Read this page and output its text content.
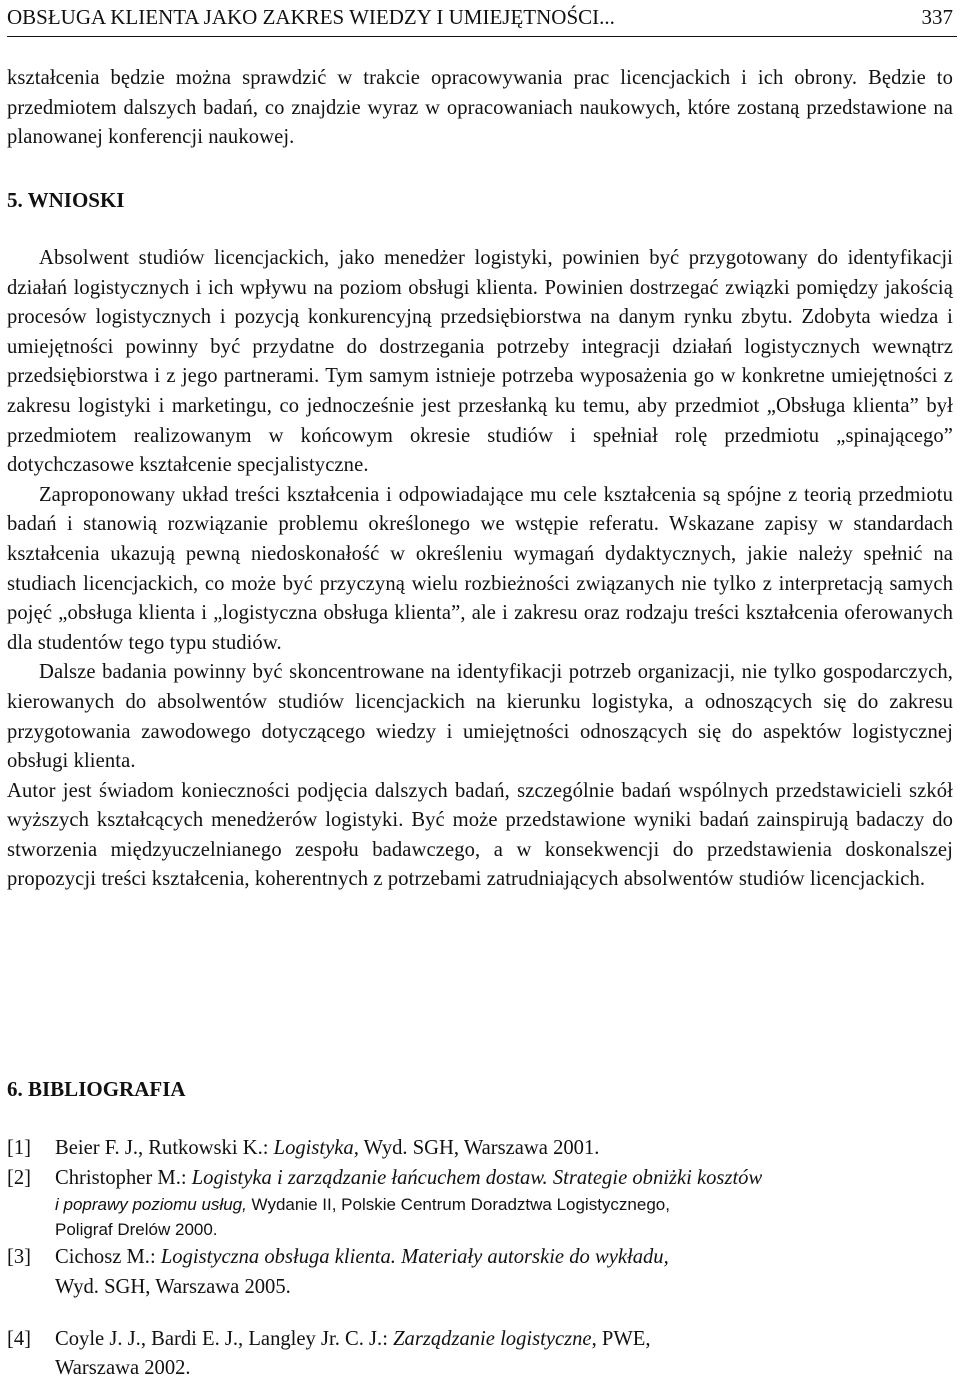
OBSŁUGA KLIENTA JAKO ZAKRES WIEDZY I UMIEJĘTNOŚCI...	337

kształcenia będzie można sprawdzić w trakcie opracowywania prac licencjackich i ich obrony. Będzie to przedmiotem dalszych badań, co znajdzie wyraz w opracowaniach naukowych, które zostaną przedstawione na planowanej konferencji naukowej.

5. WNIOSKI

Absolwent studiów licencjackich, jako menedżer logistyki, powinien być przygotowany do identyfikacji działań logistycznych i ich wpływu na poziom obsługi klienta. Powinien dostrzegać związki pomiędzy jakością procesów logistycznych i pozycją konkurencyjną przedsiębiorstwa na danym rynku zbytu. Zdobyta wiedza i umiejętności powinny być przydatne do dostrzegania potrzeby integracji działań logistycznych wewnątrz przedsiębiorstwa i z jego partnerami. Tym samym istnieje potrzeba wyposażenia go w konkretne umiejętności z zakresu logistyki i marketingu, co jednocześnie jest przesłanką ku temu, aby przedmiot „Obsługa klienta” był przedmiotem realizowanym w końcowym okresie studiów i spełniał rolę przedmiotu „spinającego” dotychczasowe kształcenie specjalistyczne.

Zaproponowany układ treści kształcenia i odpowiadające mu cele kształcenia są spójne z teorią przedmiotu badań i stanowią rozwiązanie problemu określonego we wstępie referatu. Wskazane zapisy w standardach kształcenia ukazują pewną niedoskonałość w określeniu wymagań dydaktycznych, jakie należy spełnić na studiach licencjackich, co może być przyczyną wielu rozbieżności związanych nie tylko z interpretacją samych pojęć „obsługa klienta i „logistyczna obsługa klienta”, ale i zakresu oraz rodzaju treści kształcenia oferowanych dla studentów tego typu studiów.

Dalsze badania powinny być skoncentrowane na identyfikacji potrzeb organizacji, nie tylko gospodarczych, kierowanych do absolwentów studiów licencjackich na kierunku logistyka, a odnoszących się do zakresu przygotowania zawodowego dotyczącego wiedzy i umiejętności odnoszących się do aspektów logistycznej obsługi klienta.

Autor jest świadom konieczności podjęcia dalszych badań, szczególnie badań wspólnych przedstawicieli szkół wyższych kształcących menedżerów logistyki. Być może przedstawione wyniki badań zainspirują badaczy do stworzenia międzyuczelnianego zespołu badawczego, a w konsekwencji do przedstawienia doskonalszej propozycji treści kształcenia, koherentnych z potrzebami zatrudniających absolwentów studiów licencjackich.

6. BIBLIOGRAFIA
[1] Beier F. J., Rutkowski K.: Logistyka, Wyd. SGH, Warszawa 2001.
[2] Christopher M.: Logistyka i zarządzanie łańcuchem dostaw. Strategie obniżki kosztów
i poprawy poziomu usług, Wydanie II, Polskie Centrum Doradztwa Logistycznego,
Poligraf Drelów 2000.
[3] Cichosz M.: Logistyczna obsługa klienta. Materiały autorskie do wykładu,
Wyd. SGH, Warszawa 2005.
[4] Coyle J. J., Bardi E. J., Langley Jr. C. J.: Zarządzanie logistyczne, PWE,
Warszawa 2002.
